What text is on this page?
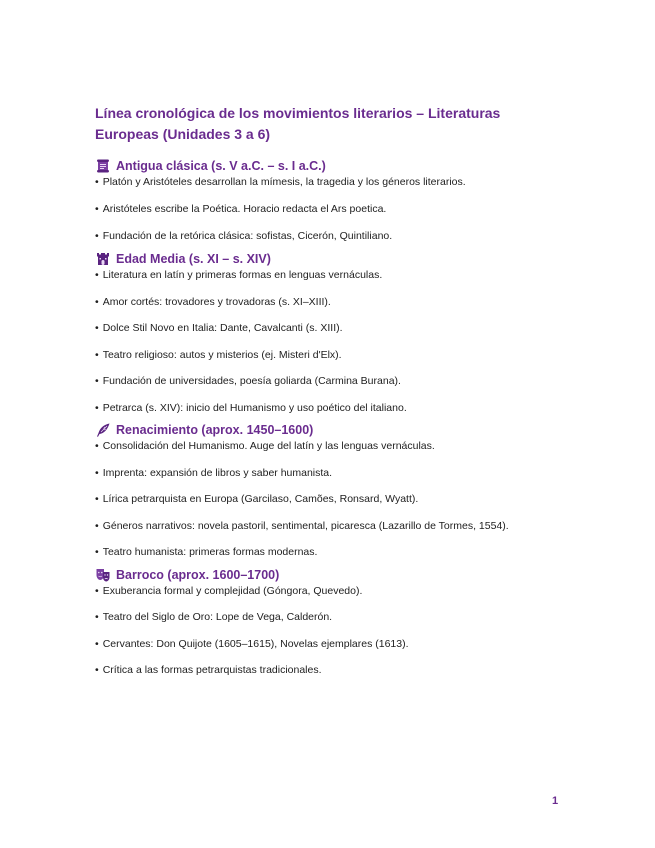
Línea cronológica de los movimientos literarios – Literaturas Europeas (Unidades 3 a 6)
Antigua clásica (s. V a.C. – s. I a.C.)
• Platón y Aristóteles desarrollan la mímesis, la tragedia y los géneros literarios.
• Aristóteles escribe la Poética. Horacio redacta el Ars poetica.
• Fundación de la retórica clásica: sofistas, Cicerón, Quintiliano.
Edad Media (s. XI – s. XIV)
• Literatura en latín y primeras formas en lenguas vernáculas.
• Amor cortés: trovadores y trovadoras (s. XI–XIII).
• Dolce Stil Novo en Italia: Dante, Cavalcanti (s. XIII).
• Teatro religioso: autos y misterios (ej. Misteri d'Elx).
• Fundación de universidades, poesía goliarda (Carmina Burana).
• Petrarca (s. XIV): inicio del Humanismo y uso poético del italiano.
Renacimiento (aprox. 1450–1600)
• Consolidación del Humanismo. Auge del latín y las lenguas vernáculas.
• Imprenta: expansión de libros y saber humanista.
• Lírica petrarquista en Europa (Garcilaso, Camões, Ronsard, Wyatt).
• Géneros narrativos: novela pastoril, sentimental, picaresca (Lazarillo de Tormes, 1554).
• Teatro humanista: primeras formas modernas.
Barroco (aprox. 1600–1700)
• Exuberancia formal y complejidad (Góngora, Quevedo).
• Teatro del Siglo de Oro: Lope de Vega, Calderón.
• Cervantes: Don Quijote (1605–1615), Novelas ejemplares (1613).
• Crítica a las formas petrarquistas tradicionales.
1
